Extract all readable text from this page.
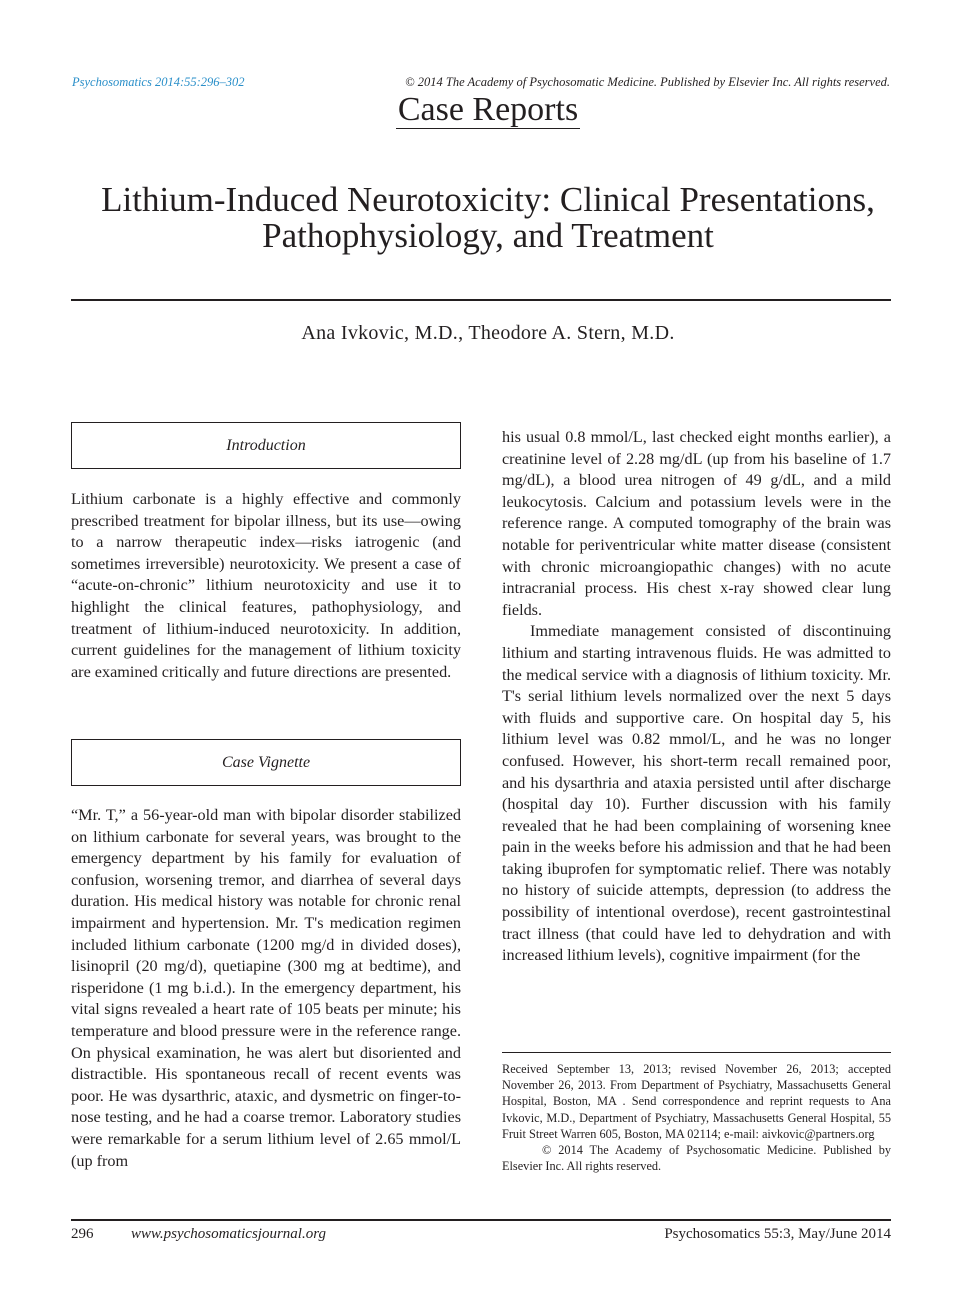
Psychosomatics 2014:55:296–302	© 2014 The Academy of Psychosomatic Medicine. Published by Elsevier Inc. All rights reserved.
Case Reports
Lithium-Induced Neurotoxicity: Clinical Presentations,
Pathophysiology, and Treatment
Ana Ivkovic, M.D., Theodore A. Stern, M.D.
Introduction

Lithium carbonate is a highly effective and commonly prescribed treatment for bipolar illness, but its use—owing to a narrow therapeutic index—risks iatrogenic (and sometimes irreversible) neurotoxicity. We present a case of “acute-on-chronic” lithium neurotoxicity and use it to highlight the clinical features, pathophysiology, and treatment of lithium-induced neurotoxicity. In addition, current guidelines for the management of lithium toxicity are examined critically and future directions are presented.

Case Vignette

“Mr. T,” a 56-year-old man with bipolar disorder stabilized on lithium carbonate for several years, was brought to the emergency department by his family for evaluation of confusion, worsening tremor, and diarrhea of several days duration. His medical history was notable for chronic renal impairment and hypertension. Mr. T's medication regimen included lithium carbonate (1200 mg/d in divided doses), lisinopril (20 mg/d), quetiapine (300 mg at bedtime), and risperidone (1 mg b.i.d.). In the emergency department, his vital signs revealed a heart rate of 105 beats per minute; his temperature and blood pressure were in the reference range. On physical examination, he was alert but disoriented and distractible. His spontaneous recall of recent events was poor. He was dysarthric, ataxic, and dysmetric on finger-to-nose testing, and he had a coarse tremor. Laboratory studies were remarkable for a serum lithium level of 2.65 mmol/L (up from

his usual 0.8 mmol/L, last checked eight months earlier), a creatinine level of 2.28 mg/dL (up from his baseline of 1.7 mg/dL), a blood urea nitrogen of 49 g/dL, and a mild leukocytosis. Calcium and potassium levels were in the reference range. A computed tomography of the brain was notable for periventricular white matter disease (consistent with chronic microangiopathic changes) with no acute intracranial process. His chest x-ray showed clear lung fields.

Immediate management consisted of discontinuing lithium and starting intravenous fluids. He was admitted to the medical service with a diagnosis of lithium toxicity. Mr. T's serial lithium levels normalized over the next 5 days with fluids and supportive care. On hospital day 5, his lithium level was 0.82 mmol/L, and he was no longer confused. However, his short-term recall remained poor, and his dysarthria and ataxia persisted until after discharge (hospital day 10). Further discussion with his family revealed that he had been complaining of worsening knee pain in the weeks before his admission and that he had been taking ibuprofen for symptomatic relief. There was notably no history of suicide attempts, depression (to address the possibility of intentional overdose), recent gastrointestinal tract illness (that could have led to dehydration and with increased lithium levels), cognitive impairment (for the

Received September 13, 2013; revised November 26, 2013; accepted November 26, 2013. From Department of Psychiatry, Massachusetts General Hospital, Boston, MA . Send correspondence and reprint requests to Ana Ivkovic, M.D., Department of Psychiatry, Massachusetts General Hospital, 55 Fruit Street Warren 605, Boston, MA 02114; e-mail: aivkovic@partners.org

© 2014 The Academy of Psychosomatic Medicine. Published by Elsevier Inc. All rights reserved.

296	www.psychosomaticsjournal.org	Psychosomatics 55:3, May/June 2014
